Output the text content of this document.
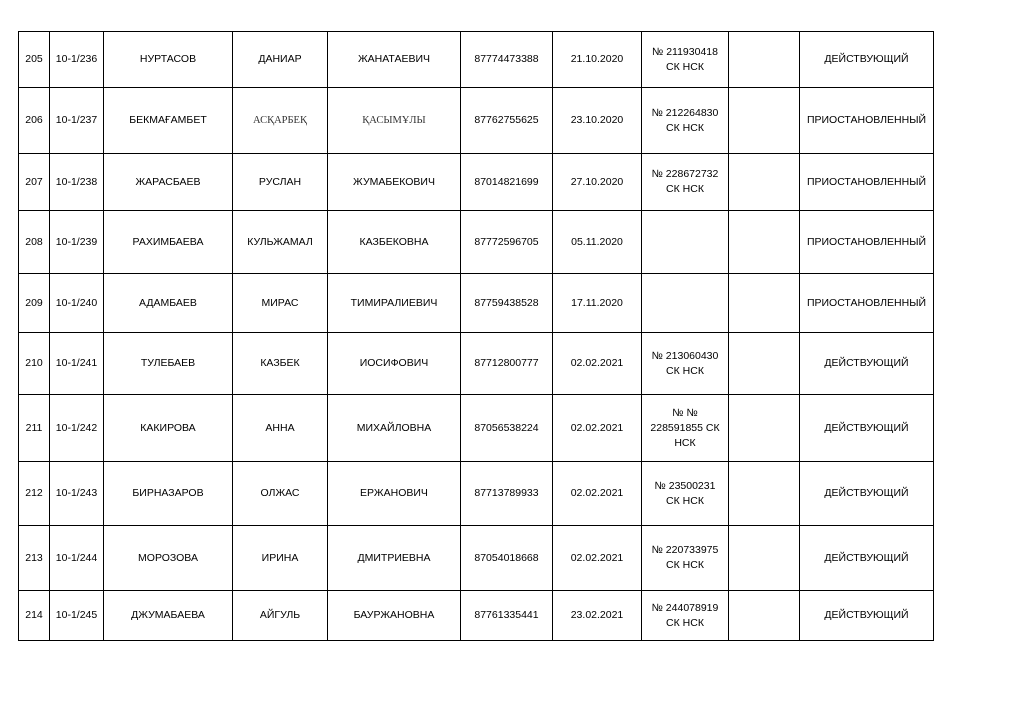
205	10-1/236	НУРТАСОВ	ДАНИАР	ЖАНАТАЕВИЧ	87774473388	21.10.2020	№ 211930418
СК НСК		ДЕЙСТВУЮЩИЙ
206	10-1/237	БЕКМАҒАМБЕТ	АСҚАРБЕҚ	ҚАСЫМҰЛЫ	87762755625	23.10.2020	№ 212264830
СК НСК		ПРИОСТАНОВЛЕННЫЙ
207	10-1/238	ЖАРАСБАЕВ	РУСЛАН	ЖУМАБЕКОВИЧ	87014821699	27.10.2020	№ 228672732
СК НСК		ПРИОСТАНОВЛЕННЫЙ
208	10-1/239	РАХИМБАЕВА	КУЛЬЖАМАЛ	КАЗБЕКОВНА	87772596705	05.11.2020			ПРИОСТАНОВЛЕННЫЙ
209	10-1/240	АДАМБАЕВ	МИРАС	ТИМИРАЛИЕВИЧ	87759438528	17.11.2020			ПРИОСТАНОВЛЕННЫЙ
210	10-1/241	ТУЛЕБАЕВ	КАЗБЕК	ИОСИФОВИЧ	87712800777	02.02.2021	№ 213060430
СК НСК		ДЕЙСТВУЮЩИЙ
211	10-1/242	КАКИРОВА	АННА	МИХАЙЛОВНА	87056538224	02.02.2021	№ №
228591855 СК
НСК		ДЕЙСТВУЮЩИЙ
212	10-1/243	БИРНАЗАРОВ	ОЛЖАС	ЕРЖАНОВИЧ	87713789933	02.02.2021	№ 23500231
СК НСК		ДЕЙСТВУЮЩИЙ
213	10-1/244	МОРОЗОВА	ИРИНА	ДМИТРИЕВНА	87054018668	02.02.2021	№ 220733975
СК НСК		ДЕЙСТВУЮЩИЙ
214	10-1/245	ДЖУМАБАЕВА	АЙГУЛЬ	БАУРЖАНОВНА	87761335441	23.02.2021	№ 244078919
СК НСК		ДЕЙСТВУЮЩИЙ
